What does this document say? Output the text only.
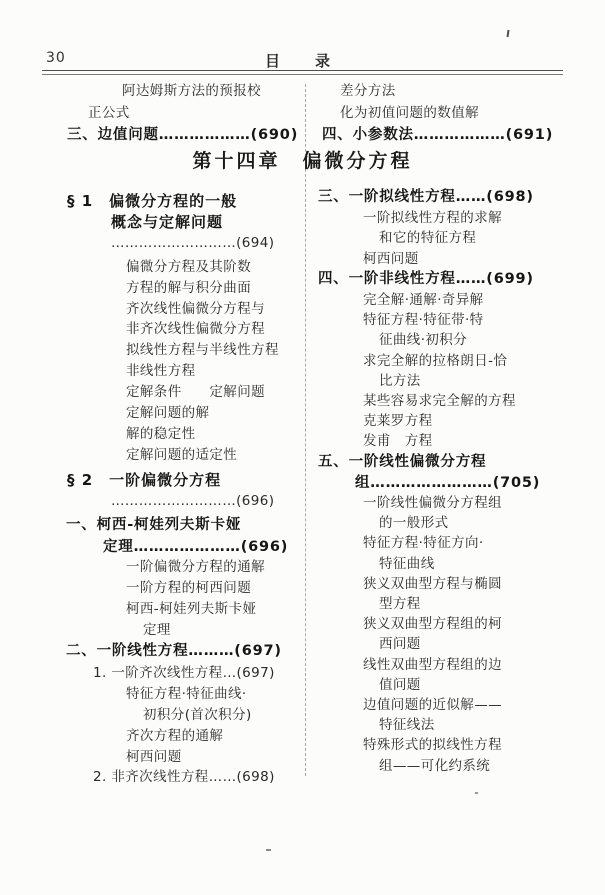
30	目　录
阿达姆斯方法的预报校
正公式
三、边值问题………………(690)
差分方法
化为初值问题的数值解
四、小参数法………………(691)
第十四章　偏微分方程
§ 1　偏微分方程的一般
概念与定解问题
………………………(694)
偏微分方程及其阶数
方程的解与积分曲面
齐次线性偏微分方程与
非齐次线性偏微分方程
拟线性方程与半线性方程
非线性方程
定解条件　　定解问题
定解问题的解
解的稳定性
定解问题的适定性
§ 2　一阶偏微分方程
………………………(696)
一、柯西-柯娃列夫斯卡娅
定理…………………(696)
一阶偏微分方程的通解
一阶方程的柯西问题
柯西-柯娃列夫斯卡娅
定理
二、一阶线性方程………(697)
1. 一阶齐次线性方程…(697)
特征方程·特征曲线·
初积分(首次积分)
齐次方程的通解
柯西问题
2. 非齐次线性方程……(698)
三、一阶拟线性方程……(698)
一阶拟线性方程的求解
和它的特征方程
柯西问题
四、一阶非线性方程……(699)
完全解·通解·奇异解
特征方程·特征带·特
征曲线·初积分
求完全解的拉格朗日-恰
比方法
某些容易求完全解的方程
克莱罗方程
发甫　方程
五、一阶线性偏微分方程
组……………………(705)
一阶线性偏微分方程组
的一般形式
特征方程·特征方向·
特征曲线
狭义双曲型方程与椭圆
型方程
狭义双曲型方程组的柯
西问题
线性双曲型方程组的边
值问题
边值问题的近似解——
特征线法
特殊形式的拟线性方程
组——可化约系统
